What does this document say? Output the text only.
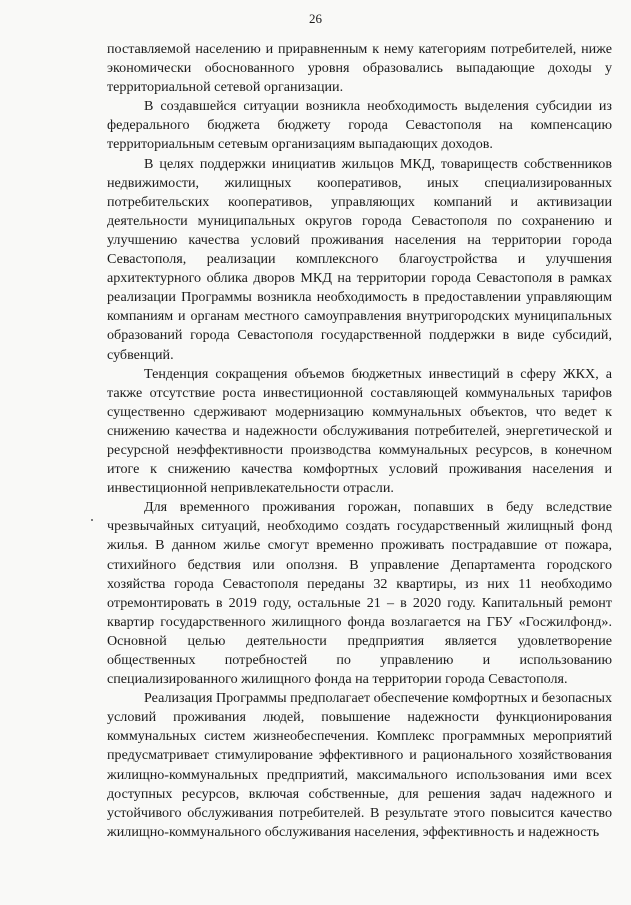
26

поставляемой населению и приравненным к нему категориям потребителей, ниже экономически обоснованного уровня образовались выпадающие доходы у территориальной сетевой организации.

В создавшейся ситуации возникла необходимость выделения субсидии из федерального бюджета бюджету города Севастополя на компенсацию территориальным сетевым организациям выпадающих доходов.

В целях поддержки инициатив жильцов МКД, товариществ собственников недвижимости, жилищных кооперативов, иных специализированных потребительских кооперативов, управляющих компаний и активизации деятельности муниципальных округов города Севастополя по сохранению и улучшению качества условий проживания населения на территории города Севастополя, реализации комплексного благоустройства и улучшения архитектурного облика дворов МКД на территории города Севастополя в рамках реализации Программы возникла необходимость в предоставлении управляющим компаниям и органам местного самоуправления внутригородских муниципальных образований города Севастополя государственной поддержки в виде субсидий, субвенций.

Тенденция сокращения объемов бюджетных инвестиций в сферу ЖКХ, а также отсутствие роста инвестиционной составляющей коммунальных тарифов существенно сдерживают модернизацию коммунальных объектов, что ведет к снижению качества и надежности обслуживания потребителей, энергетической и ресурсной неэффективности производства коммунальных ресурсов, в конечном итоге к снижению качества комфортных условий проживания населения и инвестиционной непривлекательности отрасли.

Для временного проживания горожан, попавших в беду вследствие чрезвычайных ситуаций, необходимо создать государственный жилищный фонд жилья. В данном жилье смогут временно проживать пострадавшие от пожара, стихийного бедствия или оползня. В управление Департамента городского хозяйства города Севастополя переданы 32 квартиры, из них 11 необходимо отремонтировать в 2019 году, остальные 21 – в 2020 году. Капитальный ремонт квартир государственного жилищного фонда возлагается на ГБУ «Госжилфонд». Основной целью деятельности предприятия является удовлетворение общественных потребностей по управлению и использованию специализированного жилищного фонда на территории города Севастополя.

Реализация Программы предполагает обеспечение комфортных и безопасных условий проживания людей, повышение надежности функционирования коммунальных систем жизнеобеспечения. Комплекс программных мероприятий предусматривает стимулирование эффективного и рационального хозяйствования жилищно-коммунальных предприятий, максимального использования ими всех доступных ресурсов, включая собственные, для решения задач надежного и устойчивого обслуживания потребителей. В результате этого повысится качество жилищно-коммунального обслуживания населения, эффективность и надежность
